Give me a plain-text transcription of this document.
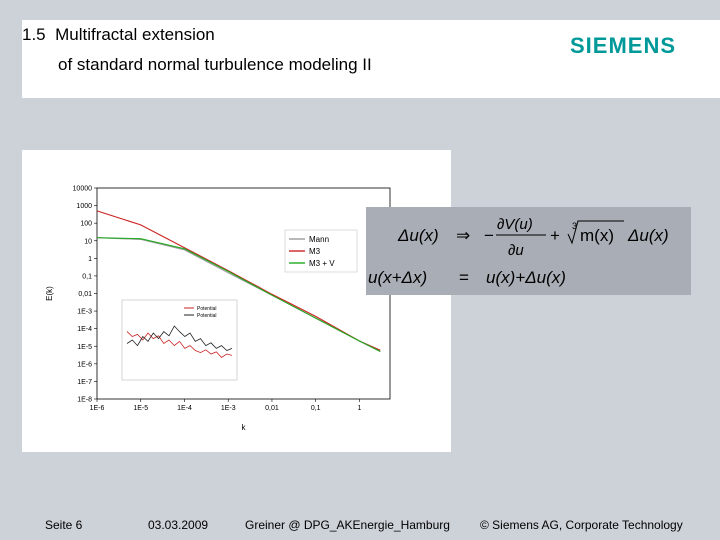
1.5  Multifractal extension
of standard normal turbulence modeling II
SIEMENS
1E-6	1E-5	1E-4	1E-3	0,01	0,1	1
10000
1000
100
10
1
0,1
0,01
1E-3
1E-4
1E-5
1E-6
1E-7
1E-8
k
E(k)
Mann
M3
M3 + V
Potential
Potential
Δu(x) ⇒ −
∂V(u)
∂u
+ 3 m(x) Δu(x)
u(x+Δx) = u(x)+Δu(x)
Seite 6	03.03.2009	Greiner @ DPG_AKEnergie_Hamburg	© Siemens AG, Corporate Technology
